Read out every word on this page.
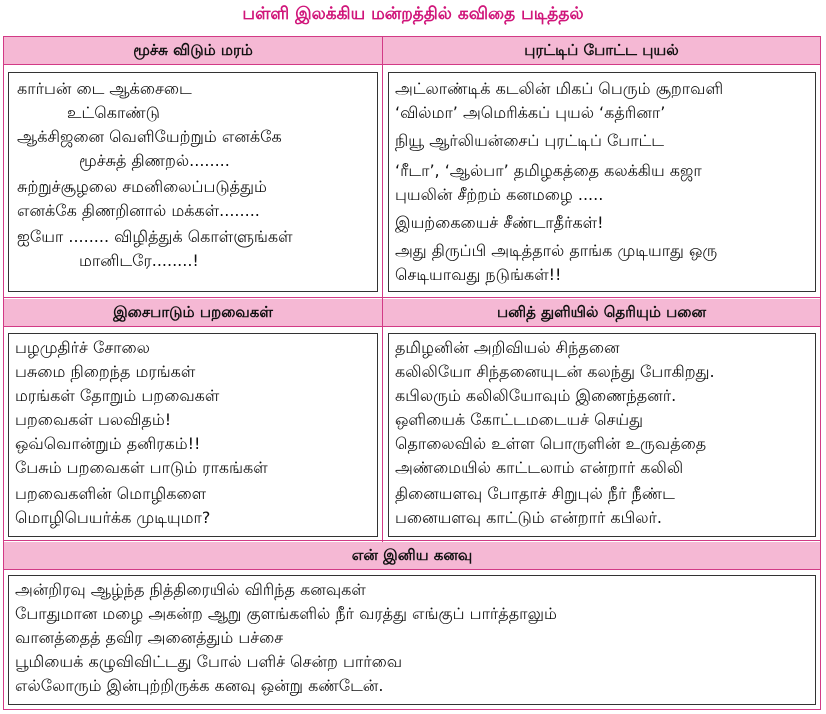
பள்ளி இலக்கிய மன்றத்தில் கவிதை படித்தல்
மூச்சு விடும் மரம்	புரட்டிப் போட்ட புயல்
கார்பன் டை ஆக்சைடை
உட்கொண்டு
ஆக்சிஜனை வெளியேற்றும் எனக்கே
மூச்சுத் திணறல்........
சுற்றுச்சூழலை சமனிலைப்படுத்தும்
எனக்கே திணறினால் மக்கள்........
ஐயோ ........ விழித்துக் கொள்ளுங்கள்
மானிடரே........!
அட்லாண்டிக் கடலின் மிகப் பெரும் சூறாவளி
‘வில்மா’ அமெரிக்கப் புயல் ‘கத்ரினா’
நியூ ஆர்லியன்சைப் புரட்டிப் போட்ட
‘ரீடா’, ‘ஆல்பா’ தமிழகத்தை கலக்கிய கஜா
புயலின் சீற்றம் கனமழை .....
இயற்கையைச் சீண்டாதீர்கள்!
அது திருப்பி அடித்தால் தாங்க முடியாது ஒரு
செடியாவது நடுங்கள்!!
இசைபாடும் பறவைகள்	பனித் துளியில் தெரியும் பனை
பழமுதிர்ச் சோலை
பசுமை நிறைந்த மரங்கள்
மரங்கள் தோறும் பறவைகள்
பறவைகள் பலவிதம்!
ஒவ்வொன்றும் தனிரகம்!!
பேசும் பறவைகள் பாடும் ராகங்கள்
பறவைகளின் மொழிகளை
மொழிபெயர்க்க முடியுமா?
தமிழனின் அறிவியல் சிந்தனை
கலிலியோ சிந்தனையுடன் கலந்து போகிறது.
கபிலரும் கலிலியோவும் இணைந்தனர்.
ஒளியைக் கோட்டமடையச் செய்து
தொலைவில் உள்ள பொருளின் உருவத்தை
அண்மையில் காட்டலாம் என்றார் கலிலி
தினையளவு போதாச் சிறுபுல் நீர் நீண்ட
பனையளவு காட்டும் என்றார் கபிலர்.
என் இனிய கனவு
அன்றிரவு ஆழ்ந்த நித்திரையில் விரிந்த கனவுகள்
போதுமான மழை அகன்ற ஆறு குளங்களில் நீர் வரத்து எங்குப் பார்த்தாலும்
வானத்தைத் தவிர அனைத்தும் பச்சை
பூமியைக் கழுவிவிட்டது போல் பளிச் சென்ற பார்வை
எல்லோரும் இன்புற்றிருக்க கனவு ஒன்று கண்டேன்.
